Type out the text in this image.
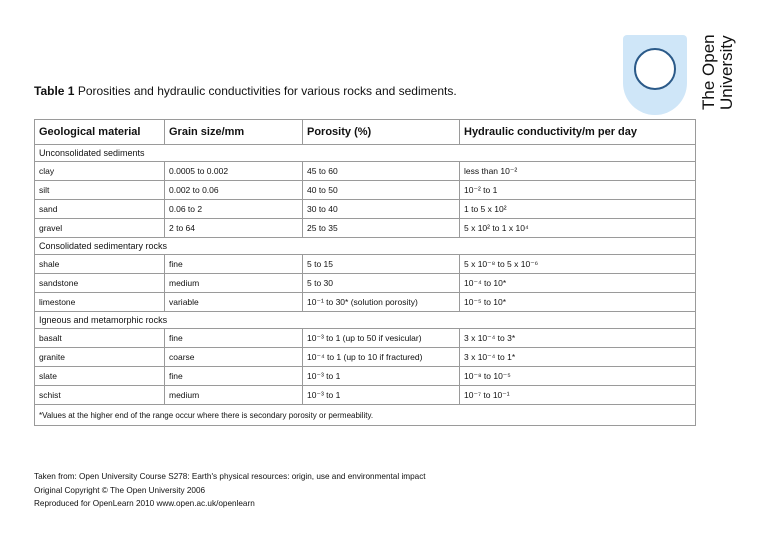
The Open University
Table 1 Porosities and hydraulic conductivities for various rocks and sediments.
Geological material	Grain size/mm	Porosity (%)	Hydraulic conductivity/m per day
Unconsolidated sediments			
clay	0.0005 to 0.002	45 to 60	less than 10⁻²
silt	0.002 to 0.06	40 to 50	10⁻² to 1
sand	0.06 to 2	30 to 40	1 to 5 x 10²
gravel	2 to 64	25 to 35	5 x 10² to 1 x 10⁴
Consolidated sedimentary rocks			
shale	fine	5 to 15	5 x 10⁻⁸ to 5 x 10⁻⁶
sandstone	medium	5 to 30	10⁻⁴ to 10*
limestone	variable	10⁻¹ to 30* (solution porosity)	10⁻⁵ to 10*
Igneous and metamorphic rocks			
basalt	fine	10⁻³ to 1 (up to 50 if vesicular)	3 x 10⁻⁴ to 3*
granite	coarse	10⁻⁴ to 1 (up to 10 if fractured)	3 x 10⁻⁴ to 1*
slate	fine	10⁻³ to 1	10⁻⁸ to 10⁻⁵
schist	medium	10⁻³ to 1	10⁻⁷ to 10⁻¹
*Values at the higher end of the range occur where there is secondary porosity or permeability.			
Taken from: Open University Course S278: Earth's physical resources: origin, use and environmental impact
Original Copyright © The Open University 2006
Reproduced for OpenLearn 2010 www.open.ac.uk/openlearn
